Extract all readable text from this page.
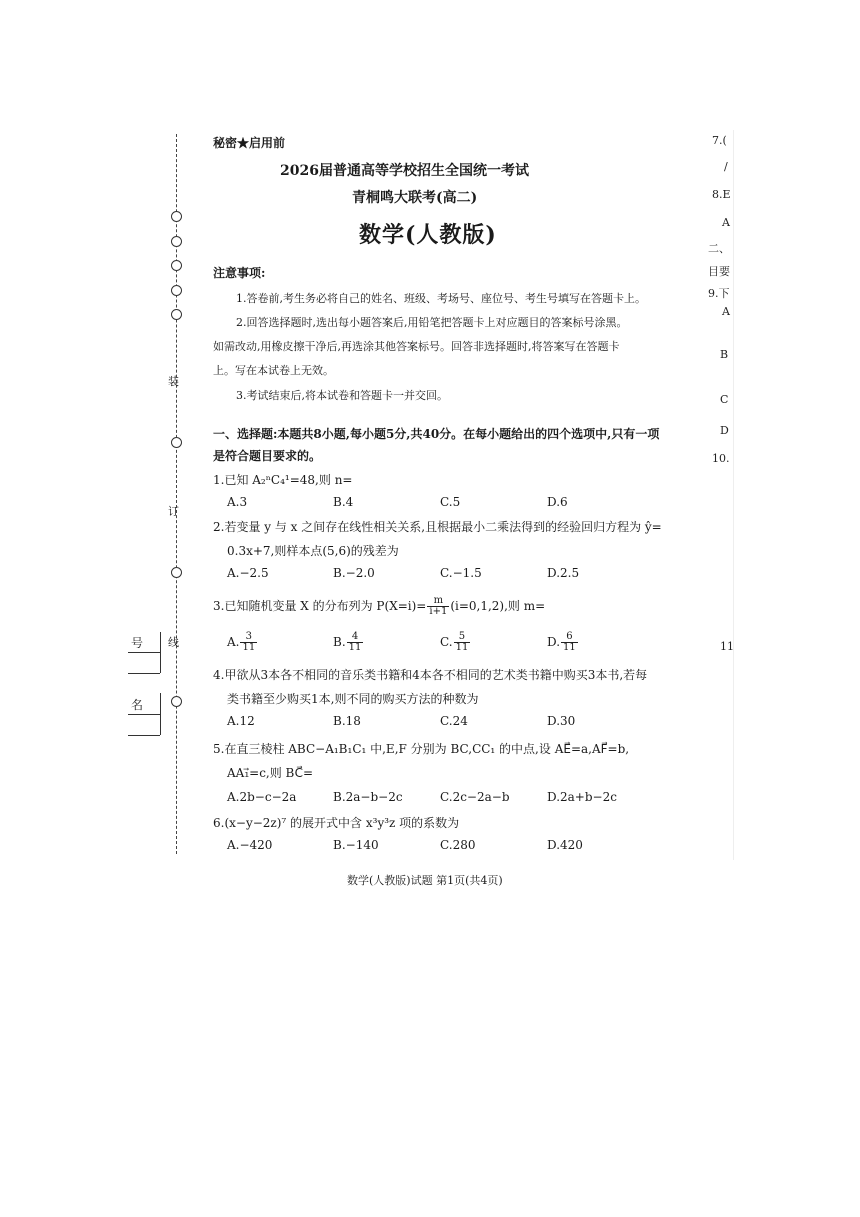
装
订
线
号
名
秘密★启用前
2026届普通高等学校招生全国统一考试
青桐鸣大联考(高二)
数学(人教版)
注意事项:
1.答卷前,考生务必将自己的姓名、班级、考场号、座位号、考生号填写在答题卡上。
2.回答选择题时,选出每小题答案后,用铅笔把答题卡上对应题目的答案标号涂黑。
如需改动,用橡皮擦干净后,再选涂其他答案标号。回答非选择题时,将答案写在答题卡
上。写在本试卷上无效。
3.考试结束后,将本试卷和答题卡一并交回。
一、选择题:本题共8小题,每小题5分,共40分。在每小题给出的四个选项中,只有一项
是符合题目要求的。
1.已知 A₂ⁿC₄¹=48,则 n=
A.3	B.4	C.5	D.6
2.若变量 y 与 x 之间存在线性相关关系,且根据最小二乘法得到的经验回归方程为 ŷ=
0.3x+7,则样本点(5,6)的残差为
A.−2.5	B.−2.0	C.−1.5	D.2.5
3.已知随机变量 X 的分布列为 $P(X=i)= \frac{m}{i+1} (i=0,1,2)$,则 m=
A. $\frac{3}{11}$	B. $\frac{4}{11}$	C. $\frac{5}{11}$	D. $\frac{6}{11}$
4.甲欲从3本各不相同的音乐类书籍和4本各不相同的艺术类书籍中购买3本书,若每
类书籍至少购买1本,则不同的购买方法的种数为
A.12	B.18	C.24	D.30
5.在直三棱柱 ABC−A₁B₁C₁ 中,E,F 分别为 BC,CC₁ 的中点,设 AE⃗=a,AF⃗=b,
AA₁⃗=c,则 BC⃗=
A.2b−c−2a	B.2a−b−2c	C.2c−2a−b	D.2a+b−2c
6.(x−y−2z)⁷ 的展开式中含 x³y³z 项的系数为
A.−420	B.−140	C.280	D.420
数学(人教版)试题 第1页(共4页)
7.(
/
8.E
A
二、
目要
9.下
A
B
C
D
10.
11
